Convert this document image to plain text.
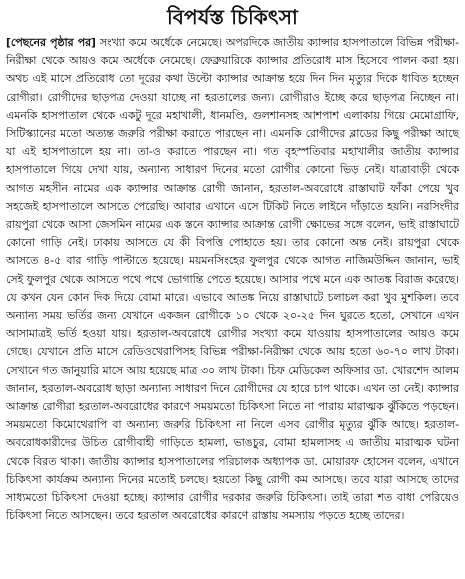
বিপর্যস্ত চিকিৎসা

[পেছনের পৃষ্ঠার পর] সংখ্যা কমে অর্ধেকে নেমেছে। অপরদিকে জাতীয় ক্যান্সার হাসপাতালে বিভিন্ন পরীক্ষা-নিরীক্ষা থেকে আয়ও কমে অর্ধেকে নেমেছে। ফেব্রুয়ারিকে ক্যান্সার প্রতিরোধ মাস হিসেবে পালন করা হয়। অথচ এই মাসে প্রতিরোধ তো দূরের কথা উল্টো ক্যান্সার আক্রান্ত হয়ে দিন দিন মৃত্যুর দিকে ধাবিত হচ্ছেন রোগীরা। রোগীদের ছাড়পত্র দেওয়া যাচ্ছে না হরতালের জন্য। রোগীরাও ইচ্ছে করে ছাড়পত্র নিচ্ছেন না। এমনকি হাসপাতাল থেকে একটু দূরে মহাখালী, ধানমণ্ডি, গুলশানসহ আশপাশ এলাকায় গিয়ে মেমোগ্রাফি, সিটিস্ক্যানের মতো অত্যন্ত জরুরি পরীক্ষা করাতে পারছেন না। এমনকি রোগীদের ব্লাডের কিছু পরীক্ষা আছে যা এই হাসপাতালে হয় না। তা-ও করাতে পারছেন না। গত বৃহস্পতিবার মহাখালীর জাতীয় ক্যান্সার হাসপাতালে গিয়ে দেখা যায়, অন্যান্য সাধারণ দিনের মতো রোগীর কোনো ভিড় নেই। যাত্রাবাড়ী থেকে আগত মহসীন নামের এক ক্যান্সার আক্রান্ত রোগী জানান, হরতাল-অবরোধে রাস্তাঘাট ফাঁকা পেয়ে খুব সহজেই হাসপাতালে আসতে পেরেছি। আবার এখানে এসে টিকিট নিতে লাইনে দাঁড়াতে হয়নি। নরসিংদীর রায়পুরা থেকে আসা জেসমিন নামের এক স্তনে ক্যান্সার আক্রান্ত রোগী ক্ষোভের সঙ্গে বলেন, ভাই রাস্তাঘাটে কোনো গাড়ি নেই। ঢাকায় আসতে যে কী বিপত্তি পোহাতে হয়। তার কোনো অন্ত নেই। রায়পুরা থেকে আসতে ৪-৫ বার গাড়ি পাল্টাতে হয়েছে। ময়মনসিংহের ফুলপুর থেকে আগত নাজিমউদ্দিন জানান, ভাই সেই ফুলপুর থেকে আসতে পথে পথে ভোগান্তি পেতে হয়েছে। আসার পথে মনে এক আতঙ্ক বিরাজ করেছে। যে কখন যেন কোন দিক দিয়ে বোমা মারে। এভাবে আতঙ্ক নিয়ে রাস্তাঘাটে চলাচল করা খুব মুশকিল। তবে অন্যান্য সময় ভর্তির জন্য যেখানে একজন রোগীকে ১০ থেকে ২০-২৫ দিন ঘুরতে হতো, সেখানে এখন আসামাত্রই ভর্তি হওয়া যায়। হরতাল-অবরোধে রোগীর সংখ্যা কমে যাওয়ায় হাসপাতালের আয়ও কমে গেছে। যেখানে প্রতি মাসে রেডিওথেরাপিসহ বিভিন্ন পরীক্ষা-নিরীক্ষা থেকে আয় হতো ৬০-৭০ লাখ টাকা। সেখানে গত জানুয়ারি মাসে আয় হয়েছে মাত্র ৩০ লাখ টাকা। চিফ মেডিকেল অফিসার ডা. খোরশেদ আলম জানান, হরতাল-অবরোধ ছাড়া অন্যান্য সাধারণ দিনে রোগীদের যে হারে চাপ থাকে। এখন তা নেই। ক্যান্সার আক্রান্ত রোগীরা হরতাল-অবরোধের কারণে সময়মতো চিকিৎসা নিতে না পারায় মারাত্মক ঝুঁকিতে পড়ছেন। সময়মতো কিমোথেরাপি বা অন্যান্য জরুরি চিকিৎসা না নিলে এসব রোগীর মৃত্যুর ঝুঁকি আছে। হরতাল-অবরোধকারীদের উচিত রোগীবাহী গাড়িতে হামলা, ভাঙচুর, বোমা হামলাসহ এ জাতীয় মারাত্মক ঘটনা থেকে বিরত থাকা। জাতীয় ক্যান্সার হাসপাতালের পরিচালক অধ্যাপক ডা. মোয়ারফ হোসেন বলেন, এখানে চিকিৎসা কার্যক্রম অন্যান্য দিনের মতোই চলছে। হয়তো কিছু রোগী কম আসছে। তবে যারা আসছে তাদের সাধ্যমতো চিকিৎসা দেওয়া হচ্ছে। ক্যান্সার রোগীর দরকার জরুরি চিকিৎসা। তাই তারা শত বাধা পেরিয়েও চিকিৎসা নিতে আসছেন। তবে হরতাল অবরোধের কারণে রাস্তায় সমস্যায় পড়তে হচ্ছে তাদের।
